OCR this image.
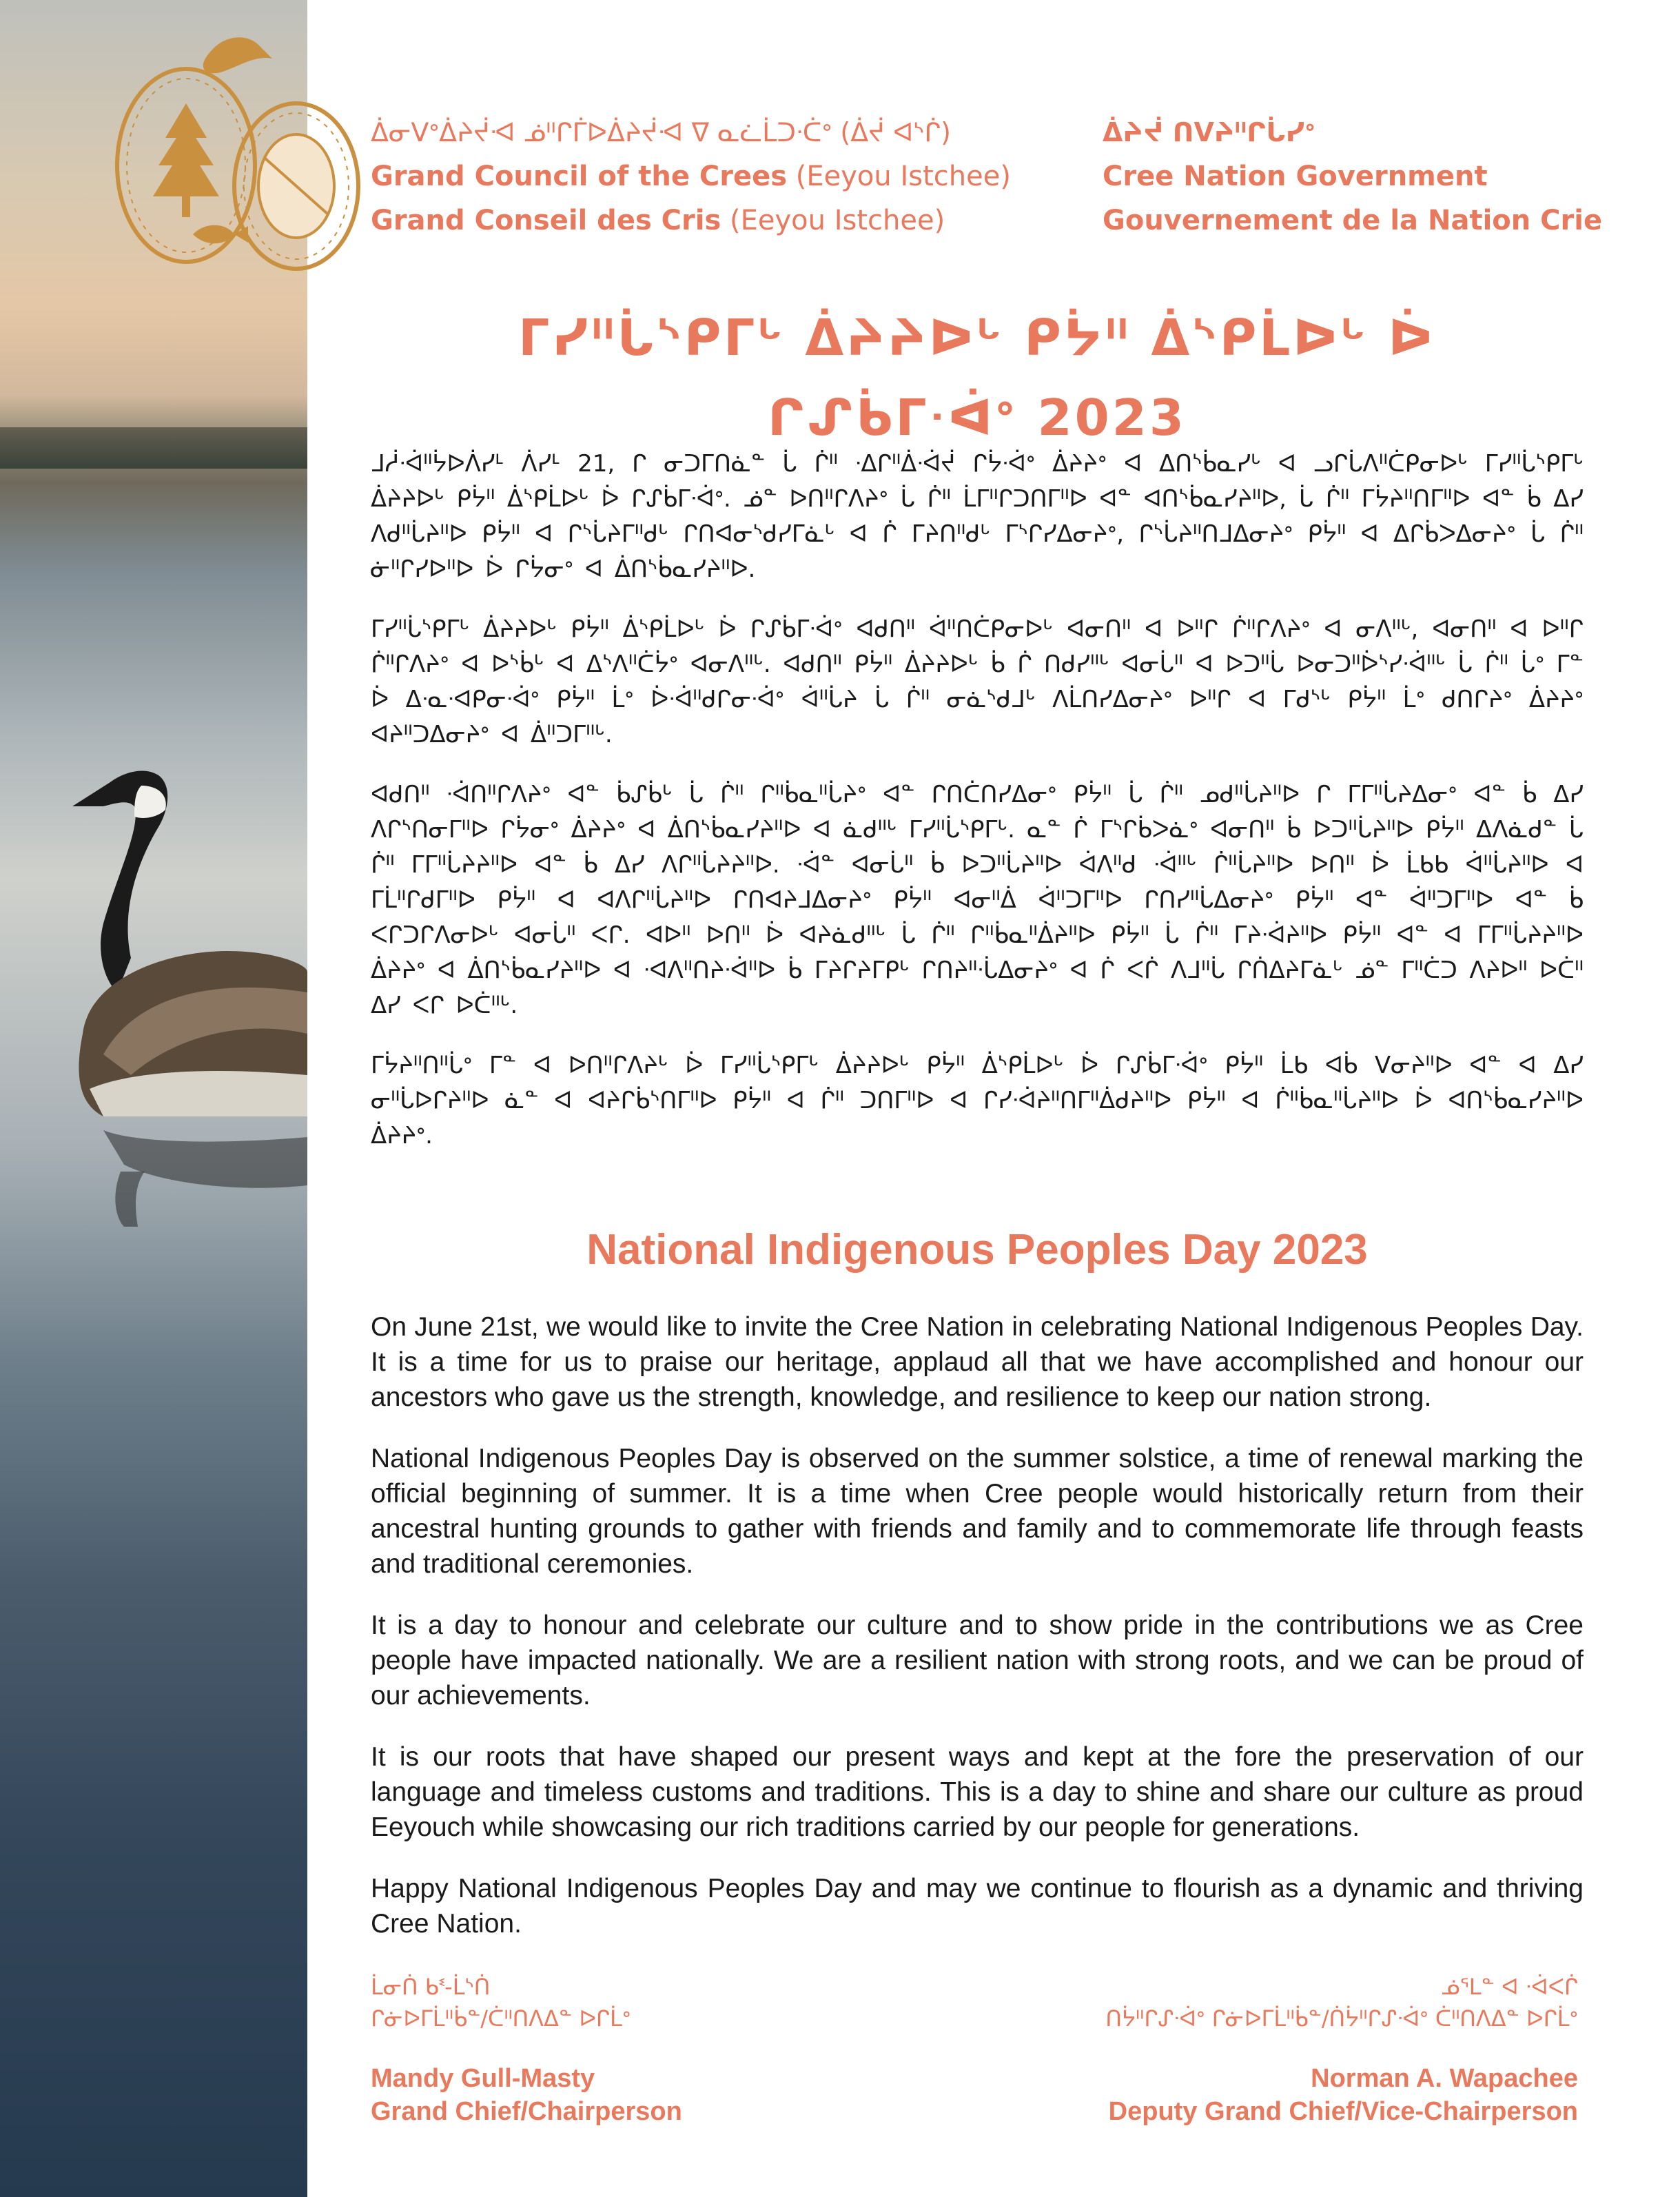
ᐄᓂᐯᐤᐄᔨᔫᐗ ᓅᐦᒋᒦᐅᐄᔨᔫᐗ ᐁ ᓇᓛᒫᑐᐧᑖᐤ (ᐄᔫ ᐊᔅᒌ)
Grand Council of the Crees (Eeyou Istchee)
Grand Conseil des Cris (Eeyou Istchee)
ᐄᔨᔫ ᑎᐯᔨᐦᒋᒑᓯᐤ
Cree Nation Government
Gouvernement de la Nation Crie
ᒥᓯᐦᒑᔅᑭᒥᒡ ᐄᔨᔨᐅᒡ ᑭᔮᐦ ᐄᔅᑭᒫᐅᒡ ᐆ
ᒋᔑᑳᒥᐧᐋᐤ 2023

ᒧᓲᐧᐋᐦᔮᐅᐲᓯᒻ ᐲᓯᒻ 21, ᒋ ᓂᑐᒥᑎᓈᓐ ᒑ ᒌᐦ ᐧᐃᒋᐦᐄᐧᐋᔫ ᒋᔮᐧᐋᐤ ᐄᔨᔨᐤ ᐊ ᐃᑎᔅᑳᓇᓯᒡ ᐊ ᓗᒋᒑᐱᐦᑖᑭᓂᐅᒡ ᒥᓯᐦᒑᔅᑭᒥᒡ ᐄᔨᔨᐅᒡ ᑭᔮᐦ ᐄᔅᑭᒫᐅᒡ ᐆ ᒋᔑᑳᒥᐧᐋᐤ. ᓅᓐ ᐅᑎᐦᒋᐱᔨᐤ ᒑ ᒌᐦ ᒫᒥᐦᒋᑐᑎᒥᐦᐅ ᐊᓐ ᐊᑎᔅᑳᓇᓯᔨᐦᐅ, ᒑ ᒌᐦ ᒥᔮᔨᐦᑎᒥᐦᐅ ᐊᓐ ᑳ ᐃᓯ ᐱᑯᐦᒑᔨᐦᐅ ᑭᔮᐦ ᐊ ᒋᔅᒑᔨᒥᐦᑯᒡ ᒋᑎᐊᓂᔅᑯᓯᒥᓈᒡ ᐊ ᒌ ᒥᔨᑎᐦᑯᒡ ᒥᔅᒋᓯᐃᓂᔨᐤ, ᒋᔅᒑᔨᐦᑎᒧᐃᓂᔨᐤ ᑭᔮᐦ ᐊ ᐃᒋᑳᐳᐃᓂᔨᐤ ᒑ ᒌᐦ ᓃᐦᒋᓯᐅᐦᐅ ᐆ ᒋᔮᓂᐤ ᐊ ᐄᑎᔅᑳᓇᓯᔨᐦᐅ.

ᒥᓯᐦᒑᔅᑭᒥᒡ ᐄᔨᔨᐅᒡ ᑭᔮᐦ ᐄᔅᑭᒫᐅᒡ ᐆ ᒋᔑᑳᒥᐧᐋᐤ ᐊᑯᑎᐦ ᐋᐦᑎᑖᑭᓂᐅᒡ ᐊᓂᑎᐦ ᐊ ᐅᐦᒋ ᒌᐦᒋᐱᔨᐤ ᐊ ᓂᐱᐦᒡ, ᐊᓂᑎᐦ ᐊ ᐅᐦᒋ ᒌᐦᒋᐱᔨᐤ ᐊ ᐅᔅᑳᒡ ᐊ ᐃᔅᐱᐦᑖᔮᐤ ᐊᓂᐱᐦᒡ. ᐊᑯᑎᐦ ᑭᔮᐦ ᐄᔨᔨᐅᒡ ᑳ ᒌ ᑎᑯᓯᐦᒡ ᐊᓂᒑᐦ ᐊ ᐅᑐᐦᒑ ᐅᓂᑐᐦᐆᔅᓯᐧᐋᐦᒡ ᒑ ᒌᐦ ᒑᐤ ᒥᓐ ᐆ ᐃᐧᓇᐧᐊᑭᓂᐧᐋᐤ ᑭᔮᐦ ᒫᐤ ᐆᐧᐋᐦᑯᒋᓂᐧᐋᐤ ᐋᐦᒑᔨ ᒑ ᒌᐦ ᓂᓈᔅᑯᒧᒡ ᐱᒫᑎᓯᐃᓂᔨᐤ ᐅᐦᒋ ᐊ ᒥᑯᔅᒡ ᑭᔮᐦ ᒫᐤ ᑯᑎᒋᔨᐤ ᐄᔨᔨᐤ ᐊᔨᐦᑐᐃᓂᔨᐤ ᐊ ᐄᐦᑐᒥᐦᒡ.

ᐊᑯᑎᐦ ᐧᐋᑎᐦᒋᐱᔨᐤ ᐊᓐ ᑳᔑᑳᒡ ᒑ ᒌᐦ ᒋᐦᑳᓇᐦᒑᔨᐤ ᐊᓐ ᒋᑎᑖᑎᓯᐃᓂᐤ ᑭᔮᐦ ᒑ ᒌᐦ ᓄᑯᐦᒑᔨᐦᐅ ᒋ ᒥᒥᐦᒑᔨᐃᓂᐤ ᐊᓐ ᑳ ᐃᓯ ᐱᒋᔅᑎᓂᒥᐦᐅ ᒋᔮᓂᐤ ᐄᔨᔨᐤ ᐊ ᐄᑎᔅᑳᓇᓯᔨᐦᐅ ᐊ ᓈᑯᐦᒡ ᒥᓯᐦᒑᔅᑭᒥᒡ. ᓇᓐ ᒌ ᒥᔅᒋᑳᐳᓈᐤ ᐊᓂᑎᐦ ᑳ ᐅᑐᐦᒑᔨᐦᐅ ᑭᔮᐦ ᐃᐱᓈᑯᓐ ᒑ ᒌᐦ ᒥᒥᐦᒑᔨᔨᐦᐅ ᐊᓐ ᑳ ᐃᓯ ᐱᒋᐦᒑᔨᔨᐦᐅ. ᐧᐋᓐ ᐊᓂᒑᐦ ᑳ ᐅᑐᐦᒑᔨᐦᐅ ᐋᐱᐦᑯ ᐧᐋᐦᒡ ᒌᐦᒑᔨᐦᐅ ᐅᑎᐦ ᐆ ᒫᑲᑲ ᐋᐦᒑᔨᐦᐅ ᐊ ᒥᒫᐦᒋᑯᒥᐦᐅ ᑭᔮᐦ ᐊ ᐊᐱᒋᐦᒑᔨᐦᐅ ᒋᑎᐊᔨᒧᐃᓂᔨᐤ ᑭᔮᐦ ᐊᓂᐦᐄ ᐋᐦᑐᒥᐦᐅ ᒋᑎᓯᐦᒑᐃᓂᔨᐤ ᑭᔮᐦ ᐊᓐ ᐋᐦᑐᒥᐦᐅ ᐊᓐ ᑳ ᐸᒋᑐᒋᐱᓂᐅᒡ ᐊᓂᒑᐦ ᐸᒋ. ᐊᐅᐦ ᐅᑎᐦ ᐆ ᐊᔨᓈᑯᐦᒡ ᒑ ᒌᐦ ᒋᐦᑳᓇᐦᐄᔨᐦᐅ ᑭᔮᐦ ᒑ ᒌᐦ ᒥᔨᐧᐋᔨᐦᐅ ᑭᔮᐦ ᐊᓐ ᐊ ᒥᒥᐦᒑᔨᔨᐦᐅ ᐄᔨᔨᐤ ᐊ ᐄᑎᔅᑳᓇᓯᔨᐦᐅ ᐊ ᐧᐊᐱᐦᑎᔨᐧᐋᐦᐅ ᑳ ᒥᔨᒋᔨᒥᑭᒡ ᒋᑎᔨᐦᐧᒑᐃᓂᔨᐤ ᐊ ᒌ ᐸᒌ ᐱᒧᐦᒑ ᒋᑏᐃᔨᒥᓈᒡ ᓅᓐ ᒥᐦᑖᑐ ᐱᔨᐅᐦ ᐅᑖᐦ ᐃᓯ ᐸᒋ ᐅᑖᐦᒡ.

ᒥᔮᔨᐦᑎᐦᒑᐤ ᒥᓐ ᐊ ᐅᑎᐦᒋᐱᔨᒡ ᐆ ᒥᓯᐦᒑᔅᑭᒥᒡ ᐄᔨᔨᐅᒡ ᑭᔮᐦ ᐄᔅᑭᒫᐅᒡ ᐆ ᒋᔑᑳᒥᐧᐋᐤ ᑭᔮᐦ ᒫᑲ ᐊᑳ ᐯᓂᔨᐦᐅ ᐊᓐ ᐊ ᐃᓯ ᓂᐦᒑᐅᒋᔨᐦᐅ ᓈᓐ ᐊ ᐊᔨᒋᑳᔅᑎᒥᐦᐅ ᑭᔮᐦ ᐊ ᒌᐦ ᑐᑎᒥᐦᐅ ᐊ ᒋᓯᐧᐋᔨᐦᑎᒥᐦᐄᑯᔨᐦᐅ ᑭᔮᐦ ᐊ ᒌᐦᑳᓇᐦᒑᔨᐦᐅ ᐆ ᐊᑎᔅᑳᓇᓯᔨᐦᐅ ᐄᔨᔨᐤ.

National Indigenous Peoples Day 2023

On June 21st, we would like to invite the Cree Nation in celebrating National Indigenous Peoples Day. It is a time for us to praise our heritage, applaud all that we have accomplished and honour our ancestors who gave us the strength, knowledge, and resilience to keep our nation strong.

National Indigenous Peoples Day is observed on the summer solstice, a time of renewal marking the official beginning of summer. It is a time when Cree people would historically return from their ancestral hunting grounds to gather with friends and family and to commemorate life through feasts and traditional ceremonies.

It is a day to honour and celebrate our culture and to show pride in the contributions we as Cree people have impacted nationally. We are a resilient nation with strong roots, and we can be proud of our achievements.

It is our roots that have shaped our present ways and kept at the fore the preservation of our language and timeless customs and traditions. This is a day to shine and share our culture as proud Eeyouch while showcasing our rich traditions carried by our people for generations.

Happy National Indigenous Peoples Day and may we continue to flourish as a dynamic and thriving Cree Nation.

ᒫᓂᑏ ᑲᓫ-ᒫᔅᑏ
ᒋᓃᐅᒥᒫᐦᑳᓐ/ᑖᐦᑎᐱᐃᓐ ᐅᒋᒫᐤ
Mandy Gull-Masty
Grand Chief/Chairperson
ᓅᕐᒪᓐ ᐊ ᐧᐋᐸᒌ
ᑎᔮᐦᒋᔑᐧᐋᐤ ᒋᓃᐅᒥᒫᐦᑳᓐ/ᑏᔮᐦᒋᔑᐧᐋᐤ ᑖᐦᑎᐱᐃᓐ ᐅᒋᒫᐤ
Norman A. Wapachee
Deputy Grand Chief/Vice-Chairperson
